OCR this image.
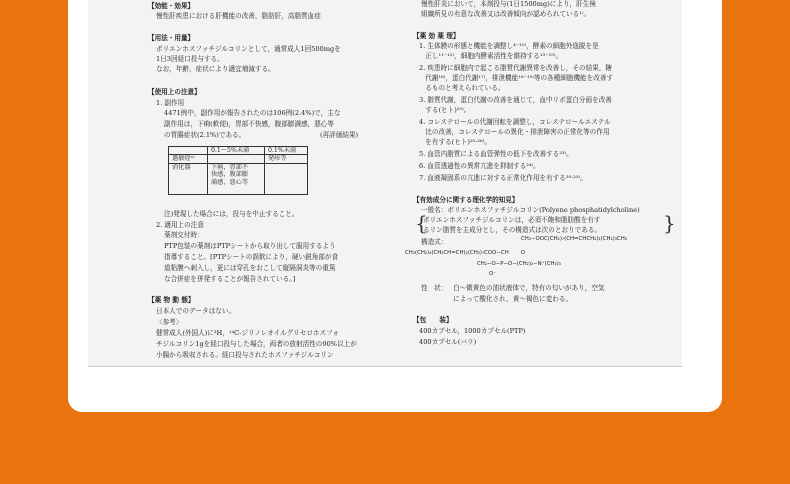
【効能・効果】

慢性肝疾患における肝機能の改善，脂肪肝，高脂質血症

【用法・用量】

ポリエンホスファチジルコリンとして，通常成人1回500mgを

1日3回経口投与する。

なお，年齢，症状により適宜増減する。

【使用上の注意】

1. 副作用

4471例中，副作用が報告されたのは106例(2.4%)で，主な

副作用は，下痢(軟便)，胃部不快感，腹部膨満感，悪心等

の胃腸症状(2.1%)である。	(再評価結果)

	0.1～5%未満	0.1%未満
過敏症ᵃ⁾		発疹等
消化器	下痢，胃部不
快感，腹部膨
満感，悪心等	

注)発現した場合には，投与を中止すること。

2. 適用上の注意

薬剤交付時：

PTP包装の薬剤はPTPシートから取り出して服用するよう

指導すること。[PTPシートの誤飲により，硬い鋭角部が食

道粘膜へ刺入し，更には穿孔をおこして縦隔洞炎等の重篤

な合併症を併発することが報告されている。]

【薬 物 動 態】

日本人でのデータはない。

〈参考〉

健常成人(外国人)に³H，¹⁴C-ジリノレオイルグリセロホスフォ

チジルコリン1gを経口投与した場合，両者の放射活性の90%以上が

小腸から吸収される。経口投与されたホスファチジルコリン

慢性肝炎において，本剤投与(1日1500mg)により，肝生検

組織所見の有意な改善又は改善傾向が認められている¹⁾。

【薬 効 薬 理】

1. 生体膜の形態と機能を調整し⁴⁻¹⁰⁾，酵素の細胞外逸脱を是

正し¹¹⁻¹²⁾，細胞内酵素活性を維持する¹³⁻¹⁵⁾。

2. 疾患時に細胞内で起こる脂質代謝異常を改善し，その結果，糖

代謝¹⁶⁾，蛋白代謝¹⁷⁾，排泄機能¹⁸⁻¹⁹⁾等の各種細胞機能を改善す

るものと考えられている。

3. 脂質代謝，蛋白代謝の改善を通じて，血中リポ蛋白分画を改善

する(ヒト)²⁰⁾。

4. コレステロールの代謝回転を調整し，コレステロールエステル

比の改善，コレステロールの異化・排泄障害の正常化等の作用

を有する(ヒト)²⁰·²⁶⁾。

5. 血管内脂質による血管弾性の低下を改善する²³⁾。

6. 血管透過性の異常亢進を抑制する²⁴⁾。

7. 血液凝固系の亢進に対する正常化作用を有する²⁰·²⁵⁾。

【有効成分に関する理化学的知見】

一般名：ポリエンホスファチジルコリン(Polyene phosphatidylcholine)

{

ポリエンホスファチジルコリンは，必須不飽和脂肪酸を有す

るリン脂質を主成分とし，その構造式は次のとおりである。	}

構造式：	CH₂−OOC(CH₂)₇(CH=CHCH₂)₂(CH₂)₃CH₃
CH₃(CH₂)₄(CH₂CH=CH)₂(CH₂)₇COO−CH       O
CH₂−O−P−O−(CH₂)₂−N⁺(CH₃)₃
O⁻

性　状： 白〜微黄色の油状液体で，特有の匂いがあり，空気

によって酸化され，黄〜褐色に変わる。

【包　　装】

400カプセル，1000カプセル(PTP)

400カプセル(バラ)
